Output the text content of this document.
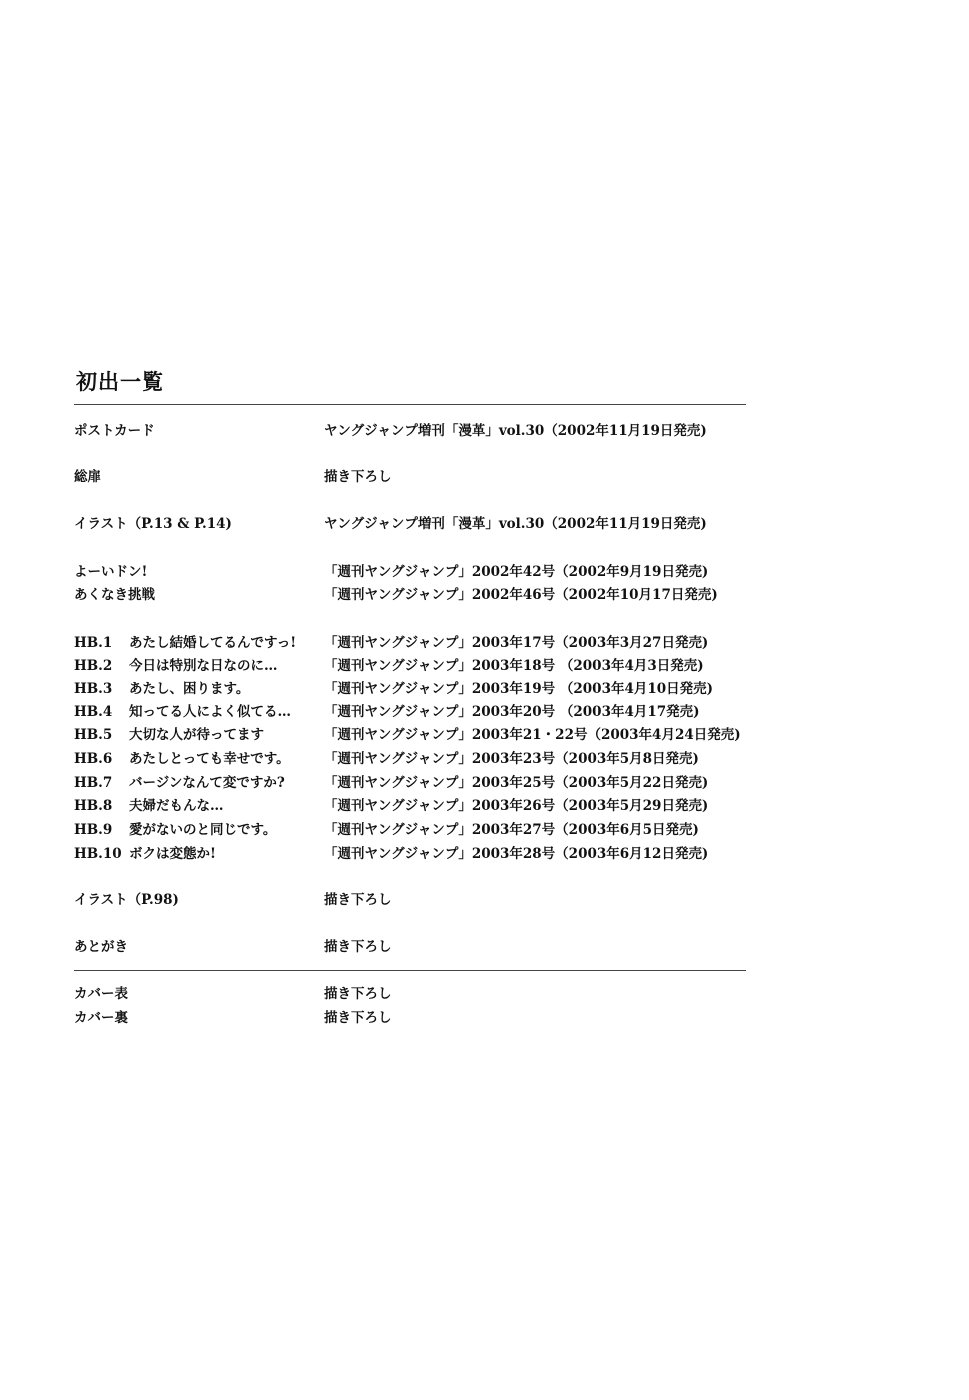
初出一覧
ポストカード	ヤングジャンプ増刊「漫革」vol.30（2002年11月19日発売)
総扉	描き下ろし
イラスト（P.13 & P.14)	ヤングジャンプ増刊「漫革」vol.30（2002年11月19日発売)
よーいドン!	「週刊ヤングジャンプ」2002年42号（2002年9月19日発売)
あくなき挑戦	「週刊ヤングジャンプ」2002年46号（2002年10月17日発売)
HB.1 あたし結婚してるんですっ! 「週刊ヤングジャンプ」2003年17号（2003年3月27日発売)
HB.2 今日は特別な日なのに…	「週刊ヤングジャンプ」2003年18号 （2003年4月3日発売)
HB.3 あたし、困ります。	「週刊ヤングジャンプ」2003年19号 （2003年4月10日発売)
HB.4 知ってる人によく似てる… 「週刊ヤングジャンプ」2003年20号 （2003年4月17発売)
HB.5 大切な人が待ってます	「週刊ヤングジャンプ」2003年21・22号（2003年4月24日発売)
HB.6 あたしとっても幸せです。	「週刊ヤングジャンプ」2003年23号（2003年5月8日発売)
HB.7 バージンなんて変ですか?	「週刊ヤングジャンプ」2003年25号（2003年5月22日発売)
HB.8 夫婦だもんな…	「週刊ヤングジャンプ」2003年26号（2003年5月29日発売)
HB.9 愛がないのと同じです。	「週刊ヤングジャンプ」2003年27号（2003年6月5日発売)
HB.10 ボクは変態か!	「週刊ヤングジャンプ」2003年28号（2003年6月12日発売)
イラスト（P.98)	描き下ろし
あとがき	描き下ろし
カバー表	描き下ろし
カバー裏	描き下ろし
